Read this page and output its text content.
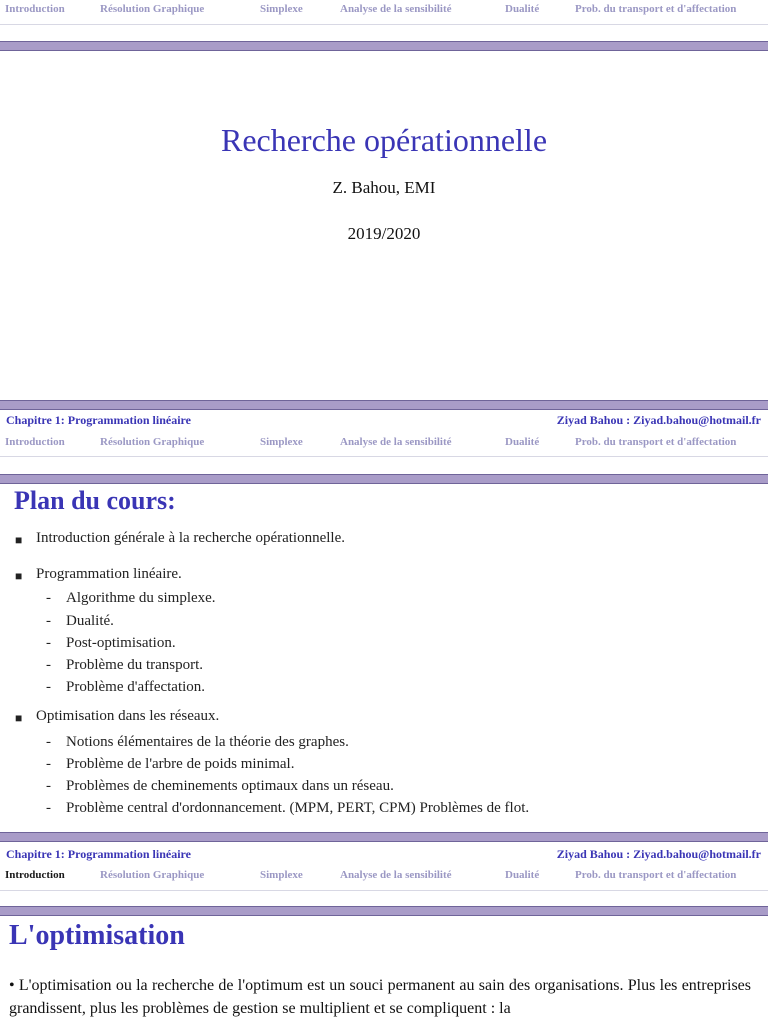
Introduction	Résolution Graphique	Simplexe	Analyse de la sensibilité	Dualité	Prob. du transport et d'affectation
Recherche opérationnelle
Z. Bahou, EMI
2019/2020
Chapitre 1: Programmation linéaire	Ziyad Bahou : Ziyad.bahou@hotmail.fr
Introduction	Résolution Graphique	Simplexe	Analyse de la sensibilité	Dualité	Prob. du transport et d'affectation
Plan du cours:
■ Introduction générale à la recherche opérationnelle.
■ Programmation linéaire.
- Algorithme du simplexe.
- Dualité.
- Post-optimisation.
- Problème du transport.
- Problème d'affectation.
■ Optimisation dans les réseaux.
- Notions élémentaires de la théorie des graphes.
- Problème de l'arbre de poids minimal.
- Problèmes de cheminements optimaux dans un réseau.
- Problème central d'ordonnancement. (MPM, PERT, CPM) Problèmes de flot.
Chapitre 1: Programmation linéaire	Ziyad Bahou : Ziyad.bahou@hotmail.fr
Introduction	Résolution Graphique	Simplexe	Analyse de la sensibilité	Dualité	Prob. du transport et d'affectation
L'optimisation
• L'optimisation ou la recherche de l'optimum est un souci permanent au sain des organisations. Plus les entreprises grandissent, plus les problèmes de gestion se multiplient et se compliquent : la
